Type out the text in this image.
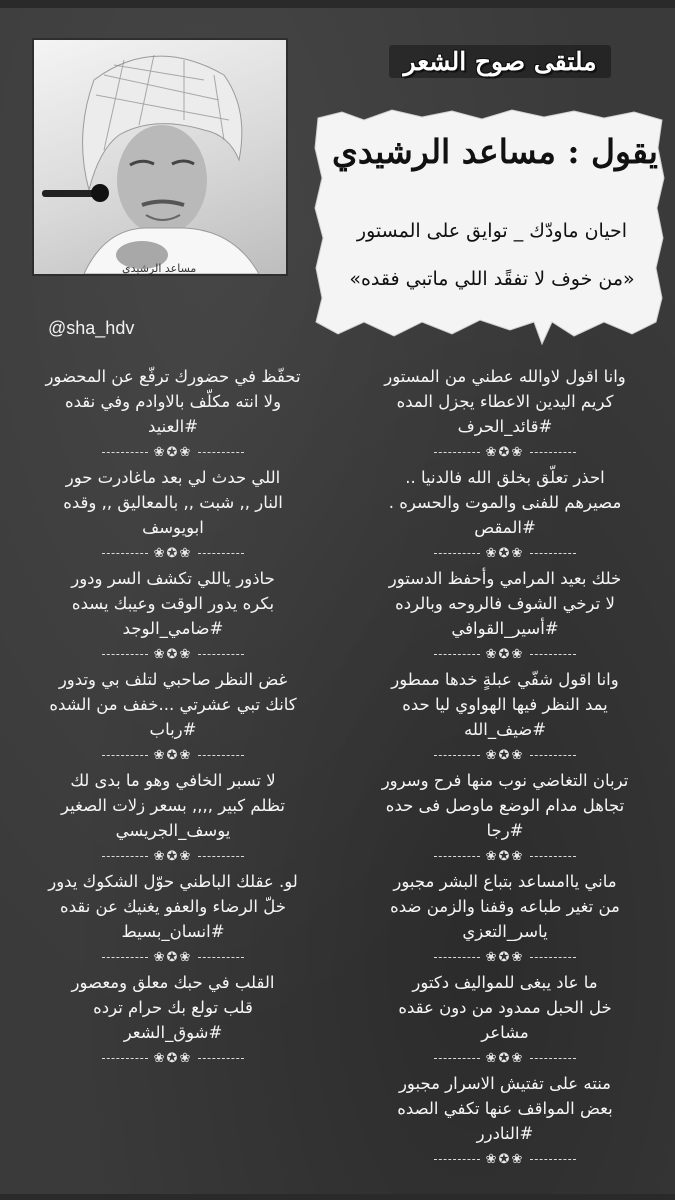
مساعد الرشيدي
ملتقى صوح الشعر
يقول : مساعد الرشيدي
احيان ماودّك _ توايق على المستور
«من خوف لا تفقًد اللي ماتبي فقده»
@sha_hdv
وانا اقول لاوالله عطني من المستور
كريم اليدين الاعطاء يجزل المده
#قائد_الحرف
❀✪❀
احذر تعلّق بخلق الله فالدنيا ..
مصيرهم للفنى والموت والحسره .
#المقص
❀✪❀
خلك بعيد المرامي وأحفظ الدستور
لا ترخي الشوف فالروحه وبالرده
#أسير_القوافي
❀✪❀
وانا اقول شفّي عبلةٍ خدها ممطور
يمد النظر فيها الهواوي ليا حده
#ضيف_الله
❀✪❀
تربان التغاضي نوب منها فرح وسرور
تجاهل مدام الوضع ماوصل فى حده
#رجا
❀✪❀
ماني ياامساعد بتباع البشر مجبور
من تغير طباعه وقفنا والزمن ضده
ياسر_التعزي
❀✪❀
ما عاد يبغى للمواليف دكتور
خل الحبل ممدود من دون عقده
مشاعر
❀✪❀
منته على تفتيش الاسرار مجبور
بعض المواقف عنها تكفي الصده
#النادرر
❀✪❀
تحفّظ في حضورك ترفّع عن المحضور
ولا انته مكلّف بالاوادم وفي نقده
#العنيد
❀✪❀
اللي حدث لي بعد ماغادرت حور
النار ,, شبت ,, بالمعاليق ,, وقده
ابويوسف
❀✪❀
حاذور ياللي تكشف السر ودور
بكره يدور الوقت وعيبك يسده
#ضامي_الوجد
❀✪❀
غض النظر صاحبي لتلف بي وتدور
كانك تبي عشرتي ...خفف من الشده
#رباب
❀✪❀
لا تسبر الخافي وهو ما بدى لك
تظلم كبير ,,,, بسعر زلات الصغير
يوسف_الجريسي
❀✪❀
لو. عقلك الباطني حوّل الشكوك يدور
خلّ الرضاء والعفو يغنيك عن نقده
#انسان_بسيط
❀✪❀
القلب في حبك معلق ومعصور
قلب تولع بك حرام ترده
#شوق_الشعر
❀✪❀
